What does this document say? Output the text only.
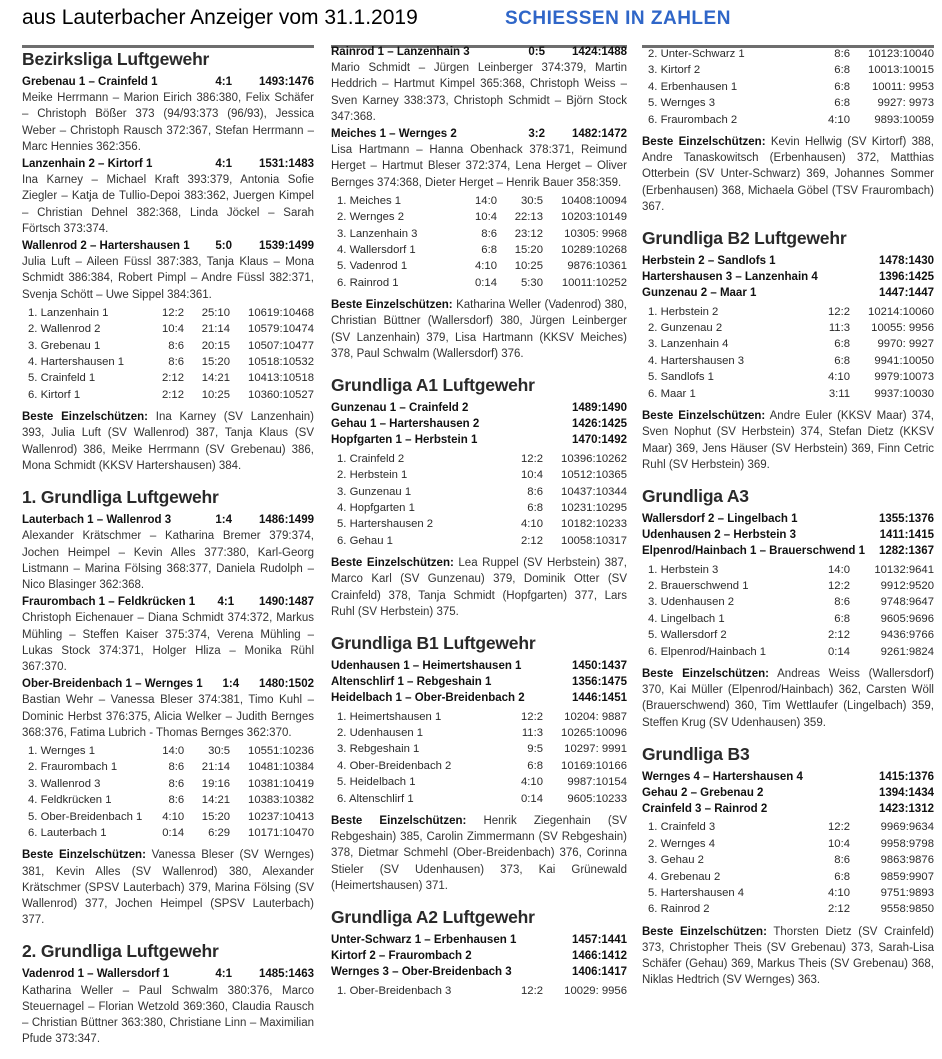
aus Lauterbacher Anzeiger vom 31.1.2019	SCHIESSEN IN ZAHLEN
Bezirksliga Luftgewehr
Grebenau 1 – Crainfeld 1	4:1	1493:1476
Meike Herrmann – Marion Eirich 386:380, Felix Schäfer – Christoph Bößer 373 (94/93:373 (96/93), Jessica Weber – Christoph Rausch 372:367, Stefan Herrmann – Marc Hennies 362:356.
Lanzenhain 2 – Kirtorf 1	4:1	1531:1483
Ina Karney – Michael Kraft 393:379, Antonia Sofie Ziegler – Katja de Tullio-Depoi 383:362, Juergen Kimpel – Christian Dehnel 382:368, Linda Jöckel – Sarah Förtsch 373:374.
Wallenrod 2 – Hartershausen 1	5:0	1539:1499
Julia Luft – Aileen Füssl 387:383, Tanja Klaus – Mona Schmidt 386:384, Robert Pimpl – Andre Füssl 382:371, Svenja Schött – Uwe Sippel 384:361.
1. Lanzenhain 1	12:2	25:10	10619:10468
2. Wallenrod 2	10:4	21:14	10579:10474
3. Grebenau 1	8:6	20:15	10507:10477
4. Hartershausen 1	8:6	15:20	10518:10532
5. Crainfeld 1	2:12	14:21	10413:10518
6. Kirtorf 1	2:12	10:25	10360:10527
Beste Einzelschützen: Ina Karney (SV Lanzenhain) 393, Julia Luft (SV Wallenrod) 387, Tanja Klaus (SV Wallenrod) 386, Meike Herrmann (SV Grebenau) 386, Mona Schmidt (KKSV Hartershausen) 384.
1. Grundliga Luftgewehr
Lauterbach 1 – Wallenrod 3	1:4	1486:1499
Alexander Krätschmer – Katharina Bremer 379:374, Jochen Heimpel – Kevin Alles 377:380, Karl-Georg Listmann – Marina Fölsing 368:377, Daniela Rudolph – Nico Blasinger 362:368.
Fraurombach 1 – Feldkrücken 1	4:1	1490:1487
Christoph Eichenauer – Diana Schmidt 374:372, Markus Mühling – Steffen Kaiser 375:374, Verena Mühling – Lukas Stock 374:371, Holger Hliza – Monika Rühl 367:370.
Ober-Breidenbach 1 – Wernges 1	1:4	1480:1502
Bastian Wehr – Vanessa Bleser 374:381, Timo Kuhl – Dominic Herbst 376:375, Alicia Welker – Judith Bernges 368:376, Fatima Lubrich - Thomas Bernges 362:370.
1. Wernges 1	14:0	30:5	10551:10236
2. Fraurombach 1	8:6	21:14	10481:10384
3. Wallenrod 3	8:6	19:16	10381:10419
4. Feldkrücken 1	8:6	14:21	10383:10382
5. Ober-Breidenbach 1	4:10	15:20	10237:10413
6. Lauterbach 1	0:14	6:29	10171:10470
Beste Einzelschützen: Vanessa Bleser (SV Wernges) 381, Kevin Alles (SV Wallenrod) 380, Alexander Krätschmer (SPSV Lauterbach) 379, Marina Fölsing (SV Wallenrod) 377, Jochen Heimpel (SPSV Lauterbach) 377.
2. Grundliga Luftgewehr
Vadenrod 1 – Wallersdorf 1	4:1	1485:1463
Katharina Weller – Paul Schwalm 380:376, Marco Steuernagel – Florian Wetzold 369:360, Claudia Rausch – Christian Büttner 363:380, Christiane Linn – Maximilian Pfude 373:347.
Rainrod 1 – Lanzenhain 3	0:5	1424:1488
Mario Schmidt – Jürgen Leinberger 374:379, Martin Heddrich – Hartmut Kimpel 365:368, Christoph Weiss – Sven Karney 338:373, Christoph Schmidt – Björn Stock 347:368.
Meiches 1 – Wernges 2	3:2	1482:1472
Lisa Hartmann – Hanna Obenhack 378:371, Reimund Herget – Hartmut Bleser 372:374, Lena Herget – Oliver Bernges 374:368, Dieter Herget – Henrik Bauer 358:359.
1. Meiches 1	14:0	30:5	10408:10094
2. Wernges 2	10:4	22:13	10203:10149
3. Lanzenhain 3	8:6	23:12	10305: 9968
4. Wallersdorf 1	6:8	15:20	10289:10268
5. Vadenrod 1	4:10	10:25	9876:10361
6. Rainrod 1	0:14	5:30	10011:10252
Beste Einzelschützen: Katharina Weller (Vadenrod) 380, Christian Büttner (Wallersdorf) 380, Jürgen Leinberger (SV Lanzenhain) 379, Lisa Hartmann (KKSV Meiches) 378, Paul Schwalm (Wallersdorf) 376.
Grundliga A1 Luftgewehr
Gunzenau 1 – Crainfeld 2	1489:1490
Gehau 1 – Hartershausen 2	1426:1425
Hopfgarten 1 – Herbstein 1	1470:1492
1. Crainfeld 2	12:2	10396:10262
2. Herbstein 1	10:4	10512:10365
3. Gunzenau 1	8:6	10437:10344
4. Hopfgarten 1	6:8	10231:10295
5. Hartershausen 2	4:10	10182:10233
6. Gehau 1	2:12	10058:10317
Beste Einzelschützen: Lea Ruppel (SV Herbstein) 387, Marco Karl (SV Gunzenau) 379, Dominik Otter (SV Crainfeld) 378, Tanja Schmidt (Hopfgarten) 377, Lars Ruhl (SV Herbstein) 375.
Grundliga B1 Luftgewehr
Udenhausen 1 – Heimertshausen 1	1450:1437
Altenschlirf 1 – Rebgeshain 1	1356:1475
Heidelbach 1 – Ober-Breidenbach 2	1446:1451
1. Heimertshausen 1	12:2	10204: 9887
2. Udenhausen 1	11:3	10265:10096
3. Rebgeshain 1	9:5	10297: 9991
4. Ober-Breidenbach 2	6:8	10169:10166
5. Heidelbach 1	4:10	9987:10154
6. Altenschlirf 1	0:14	9605:10233
Beste Einzelschützen: Henrik Ziegenhain (SV Rebgeshain) 385, Carolin Zimmermann (SV Rebgeshain) 378, Dietmar Schmehl (Ober-Breidenbach) 376, Corinna Stieler (SV Udenhausen) 373, Kai Grünewald (Heimertshausen) 371.
Grundliga A2 Luftgewehr
Unter-Schwarz 1 – Erbenhausen 1	1457:1441
Kirtorf 2 – Fraurombach 2	1466:1412
Wernges 3 – Ober-Breidenbach 3	1406:1417
1. Ober-Breidenbach 3	12:2	10029: 9956
2. Unter-Schwarz 1	8:6	10123:10040
3. Kirtorf 2	6:8	10013:10015
4. Erbenhausen 1	6:8	10011: 9953
5. Wernges 3	6:8	9927: 9973
6. Fraurombach 2	4:10	9893:10059
Beste Einzelschützen: Kevin Hellwig (SV Kirtorf) 388, Andre Tanaskowitsch (Erbenhausen) 372, Matthias Otterbein (SV Unter-Schwarz) 369, Johannes Sommer (Erbenhausen) 368, Michaela Göbel (TSV Fraurombach) 367.
Grundliga B2 Luftgewehr
Herbstein 2 – Sandlofs 1	1478:1430
Hartershausen 3 – Lanzenhain 4	1396:1425
Gunzenau 2 – Maar 1	1447:1447
1. Herbstein 2	12:2	10214:10060
2. Gunzenau 2	11:3	10055: 9956
3. Lanzenhain 4	6:8	9970: 9927
4. Hartershausen 3	6:8	9941:10050
5. Sandlofs 1	4:10	9979:10073
6. Maar 1	3:11	9937:10030
Beste Einzelschützen: Andre Euler (KKSV Maar) 374, Sven Nophut (SV Herbstein) 374, Stefan Dietz (KKSV Maar) 369, Jens Häuser (SV Herbstein) 369, Finn Cetric Ruhl (SV Herbstein) 369.
Grundliga A3
Wallersdorf 2 – Lingelbach 1	1355:1376
Udenhausen 2 – Herbstein 3	1411:1415
Elpenrod/Hainbach 1 – Brauerschwend 1 1282:1367
1. Herbstein 3	14:0	10132:9641
2. Brauerschwend 1	12:2	9912:9520
3. Udenhausen 2	8:6	9748:9647
4. Lingelbach 1	6:8	9605:9696
5. Wallersdorf 2	2:12	9436:9766
6. Elpenrod/Hainbach 1	0:14	9261:9824
Beste Einzelschützen: Andreas Weiss (Wallersdorf) 370, Kai Müller (Elpenrod/Hainbach) 362, Carsten Wöll (Brauerschwend) 360, Tim Wettlaufer (Lingelbach) 359, Steffen Krug (SV Udenhausen) 359.
Grundliga B3
Wernges 4 – Hartershausen 4	1415:1376
Gehau 2 – Grebenau 2	1394:1434
Crainfeld 3 – Rainrod 2	1423:1312
1. Crainfeld 3	12:2	9969:9634
2. Wernges 4	10:4	9958:9798
3. Gehau 2	8:6	9863:9876
4. Grebenau 2	6:8	9859:9907
5. Hartershausen 4	4:10	9751:9893
6. Rainrod 2	2:12	9558:9850
Beste Einzelschützen: Thorsten Dietz (SV Crainfeld) 373, Christopher Theis (SV Grebenau) 373, Sarah-Lisa Schäfer (Gehau) 369, Markus Theis (SV Grebenau) 368, Niklas Hedtrich (SV Wernges) 363.
